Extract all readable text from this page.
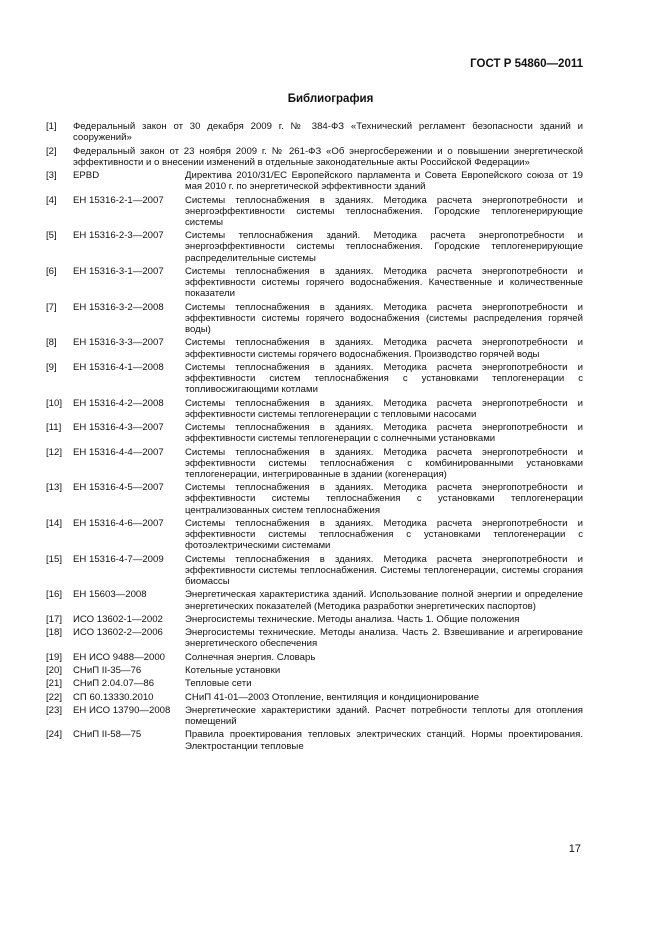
ГОСТ Р 54860—2011
Библиография
[1]	Федеральный закон от 30 декабря 2009 г. № 384-ФЗ «Технический регламент безопасности зданий и сооружений»
[2]	Федеральный закон от 23 ноября 2009 г. № 261-ФЗ «Об энергосбережении и о повышении энергетической эффективности и о внесении изменений в отдельные законодательные акты Российской Федерации»
[3]	EPBD	Директива 2010/31/ЕС Европейского парламента и Совета Европейского союза от 19 мая 2010 г. по энергетической эффективности зданий
[4]	ЕН 15316-2-1—2007	Системы теплоснабжения в зданиях. Методика расчета энергопотребности и энергоэффективности системы теплоснабжения. Городские теплогенерирующие системы
[5]	ЕН 15316-2-3—2007	Системы теплоснабжения зданий. Методика расчета энергопотребности и энергоэффективности системы теплоснабжения. Городские теплогенерирующие распределительные системы
[6]	ЕН 15316-3-1—2007	Системы теплоснабжения в зданиях. Методика расчета энергопотребности и эффективности системы горячего водоснабжения. Качественные и количественные показатели
[7]	ЕН 15316-3-2—2008	Системы теплоснабжения в зданиях. Методика расчета энергопотребности и эффективности системы горячего водоснабжения (системы распределения горячей воды)
[8]	ЕН 15316-3-3—2007	Системы теплоснабжения в зданиях. Методика расчета энергопотребности и эффективности системы горячего водоснабжения. Производство горячей воды
[9]	ЕН 15316-4-1—2008	Системы теплоснабжения в зданиях. Методика расчета энергопотребности и эффективности систем теплоснабжения с установками теплогенерации с топливосжигающими котлами
[10]	ЕН 15316-4-2—2008	Системы теплоснабжения в зданиях. Методика расчета энергопотребности и эффективности системы теплогенерации с тепловыми насосами
[11]	ЕН 15316-4-3—2007	Системы теплоснабжения в зданиях. Методика расчета энергопотребности и эффективности системы теплогенерации с солнечными установками
[12]	ЕН 15316-4-4—2007	Системы теплоснабжения в зданиях. Методика расчета энергопотребности и эффективности системы теплоснабжения с комбинированными установками теплогенерации, интегрированные в здании (когенерация)
[13]	ЕН 15316-4-5—2007	Системы теплоснабжения в зданиях. Методика расчета энергопотребности и эффективности системы теплоснабжения с установками теплогенерации централизованных систем теплоснабжения
[14]	ЕН 15316-4-6—2007	Системы теплоснабжения в зданиях. Методика расчета энергопотребности и эффективности системы теплоснабжения с установками теплогенерации с фотоэлектрическими системами
[15]	ЕН 15316-4-7—2009	Системы теплоснабжения в зданиях. Методика расчета энергопотребности и эффективности системы теплоснабжения. Системы теплогенерации, системы сгорания биомассы
[16]	ЕН 15603—2008	Энергетическая характеристика зданий. Использование полной энергии и определение энергетических показателей (Методика разработки энергетических паспортов)
[17]	ИСО 13602-1—2002	Энергосистемы технические. Методы анализа. Часть 1. Общие положения
[18]	ИСО 13602-2—2006	Энергосистемы технические. Методы анализа. Часть 2. Взвешивание и агрегирование энергетического обеспечения
[19]	ЕН ИСО 9488—2000	Солнечная энергия. Словарь
[20]	СНиП II-35—76	Котельные установки
[21]	СНиП 2.04.07—86	Тепловые сети
[22]	СП 60.13330.2010	СНиП 41-01—2003 Отопление, вентиляция и кондиционирование
[23]	ЕН ИСО 13790—2008	Энергетические характеристики зданий. Расчет потребности теплоты для отопления помещений
[24]	СНиП II-58—75	Правила проектирования тепловых электрических станций. Нормы проектирования. Электростанции тепловые
17
